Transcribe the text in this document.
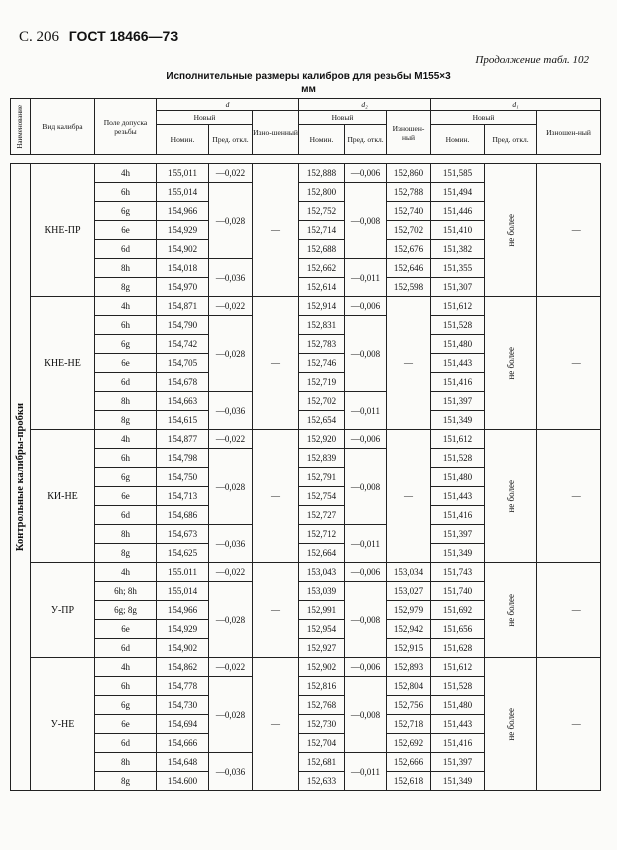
С. 206 ГОСТ 18466—73
Продолжение табл. 102
Исполнительные размеры калибров для резьбы М155×3
мм
Наименование	Вид калибра	Поле допуска резьбы	d			d₂			d₁			
			Новый		Изно-шенный	Новый		Изношен-ный	Новый		Изношен-ный	
			Номин.	Пред. откл.		Номин.	Пред. откл.		Номин.	Пред. откл.		

Контрольные калибры-пробки	КНЕ-ПР	4h	155,011	—0,022	—	152,888	—0,006	152,860	151,585	не более		—
		6h	155,014	—0,028		152,800	—0,008	152,788	151,494			
		6g	154,966			152,752		152,740	151,446			
		6e	154,929			152,714		152,702	151,410			
		6d	154,902			152,688		152,676	151,382			
		8h	154,018	—0,036		152,662	—0,011	152,646	151,355			
		8g	154,970			152,614		152,598	151,307			
	КНЕ-НЕ	4h	154,871	—0,022	—	152,914	—0,006	—	151,612	не более		—
		6h	154,790	—0,028		152,831	—0,008		151,528			
		6g	154,742			152,783			151,480			
		6e	154,705			152,746			151,443			
		6d	154,678			152,719			151,416			
		8h	154,663	—0,036		152,702	—0,011		151,397			
		8g	154,615			152,654			151,349			
	КИ-НЕ	4h	154,877	—0,022	—	152,920	—0,006	—	151,612	не более		—
		6h	154,798	—0,028		152,839	—0,008		151,528			
		6g	154,750			152,791			151,480			
		6e	154,713			152,754			151,443			
		6d	154,686			152,727			151,416			
		8h	154,673	—0,036		152,712	—0,011		151,397			
		8g	154,625			152,664			151,349			
	У-ПР	4h	155.011	—0,022	—	153,043	—0,006	153,034	151,743	не более		—
		6h; 8h	155,014	—0,028		153,039	—0,008	153,027	151,740			
		6g; 8g	154,966			152,991		152,979	151,692			
		6e	154,929			152,954		152,942	151,656			
		6d	154,902			152,927		152,915	151,628			
	У-НЕ	4h	154,862	—0,022	—	152,902	—0,006	152,893	151,612	не более		—
		6h	154,778	—0,028		152,816	—0,008	152,804	151,528			
		6g	154,730			152,768		152,756	151,480			
		6e	154,694			152,730		152,718	151,443			
		6d	154,666			152,704		152,692	151,416			
		8h	154,648	—0,036		152,681	—0,011	152,666	151,397			
		8g	154.600			152,633		152,618	151,349			
